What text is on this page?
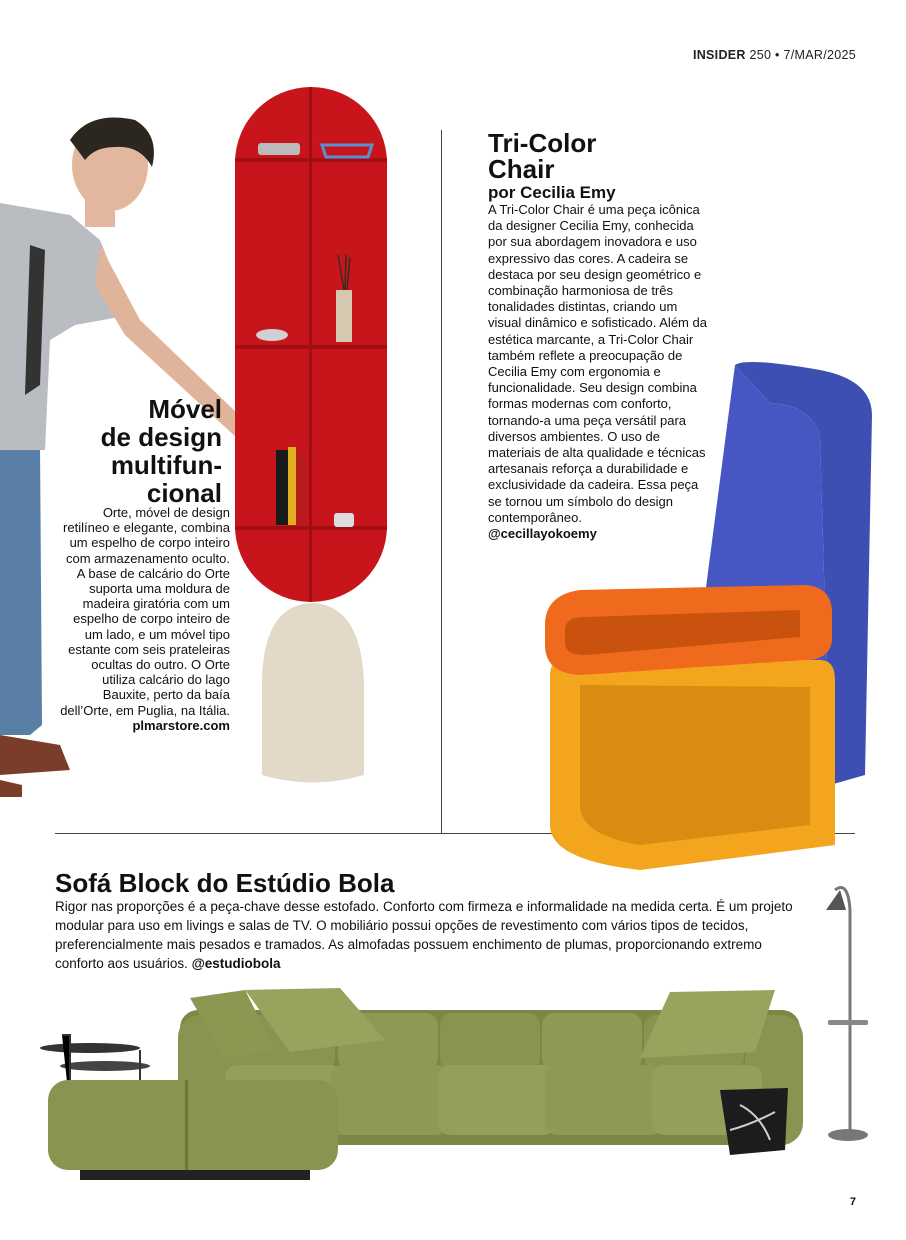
INSIDER 250 • 7/MAR/2025
Móvel
de design
multifun-
cional
Orte, móvel de design retilíneo e elegante, combina um espelho de corpo inteiro com armazenamento oculto. A base de calcário do Orte suporta uma moldura de madeira giratória com um espelho de corpo inteiro de um lado, e um móvel tipo estante com seis prateleiras ocultas do outro. O Orte utiliza calcário do lago Bauxite, perto da baía dell’Orte, em Puglia, na Itália.
plmarstore.com
Tri-Color
Chair
por Cecilia Emy
A Tri-Color Chair é uma peça icônica da designer Cecilia Emy, conhecida por sua abordagem inovadora e uso expressivo das cores. A cadeira se destaca por seu design geométrico e combinação harmoniosa de três tonalidades distintas, criando um visual dinâmico e sofisticado. Além da estética marcante, a Tri-Color Chair também reflete a preocupação de Cecilia Emy com ergonomia e funcionalidade. Seu design combina formas modernas com conforto, tornando-a uma peça versátil para diversos ambientes. O uso de materiais de alta qualidade e técnicas artesanais reforça a durabilidade e exclusividade da cadeira. Essa peça se tornou um símbolo do design contemporâneo.
@cecillayokoemy
Sofá Block do Estúdio Bola
Rigor nas proporções é a peça-chave desse estofado. Conforto com firmeza e informalidade na medida certa. É um projeto modular para uso em livings e salas de TV. O mobiliário possui opções de revestimento com vários tipos de tecidos, preferencialmente mais pesados e tramados. As almofadas possuem enchimento de plumas, proporcionando extremo conforto aos usuários. @estudiobola
7
